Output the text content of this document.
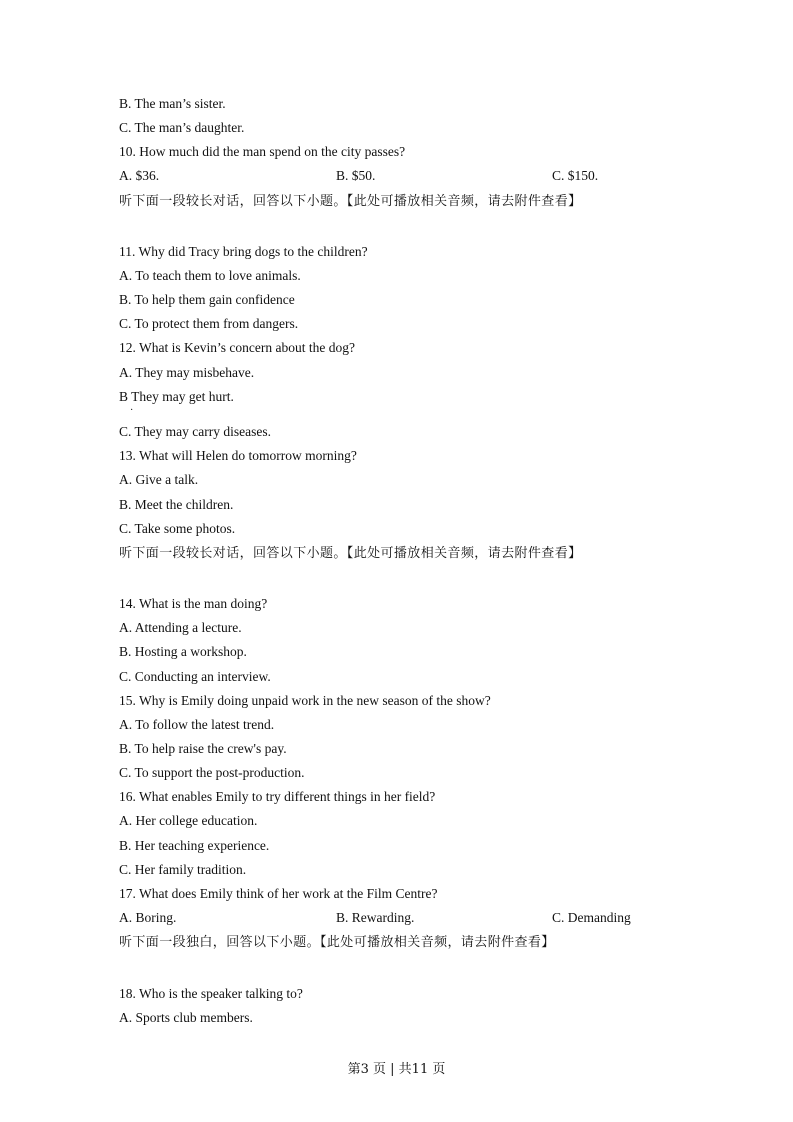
B. The man’s sister.
C. The man’s daughter.
10. How much did the man spend on the city passes?
A. $36.	B. $50.	C. $150.
听下面一段较长对话，回答以下小题。【此处可播放相关音频，请去附件查看】
11. Why did Tracy bring dogs to the children?
A. To teach them to love animals.
B. To help them gain confidence
C. To protect them from dangers.
12. What is Kevin’s concern about the dog?
A. They may misbehave.
B They may get hurt.
·
C. They may carry diseases.
13. What will Helen do tomorrow morning?
A. Give a talk.
B. Meet the children.
C. Take some photos.
听下面一段较长对话，回答以下小题。【此处可播放相关音频，请去附件查看】
14. What is the man doing?
A. Attending a lecture.
B. Hosting a workshop.
C. Conducting an interview.
15. Why is Emily doing unpaid work in the new season of the show?
A. To follow the latest trend.
B. To help raise the crew's pay.
C. To support the post-production.
16. What enables Emily to try different things in her field?
A. Her college education.
B. Her teaching experience.
C. Her family tradition.
17. What does Emily think of her work at the Film Centre?
A. Boring.	B. Rewarding.	C. Demanding
听下面一段独白，回答以下小题。【此处可播放相关音频，请去附件查看】
18. Who is the speaker talking to?
A. Sports club members.
第3 页 | 共11 页
